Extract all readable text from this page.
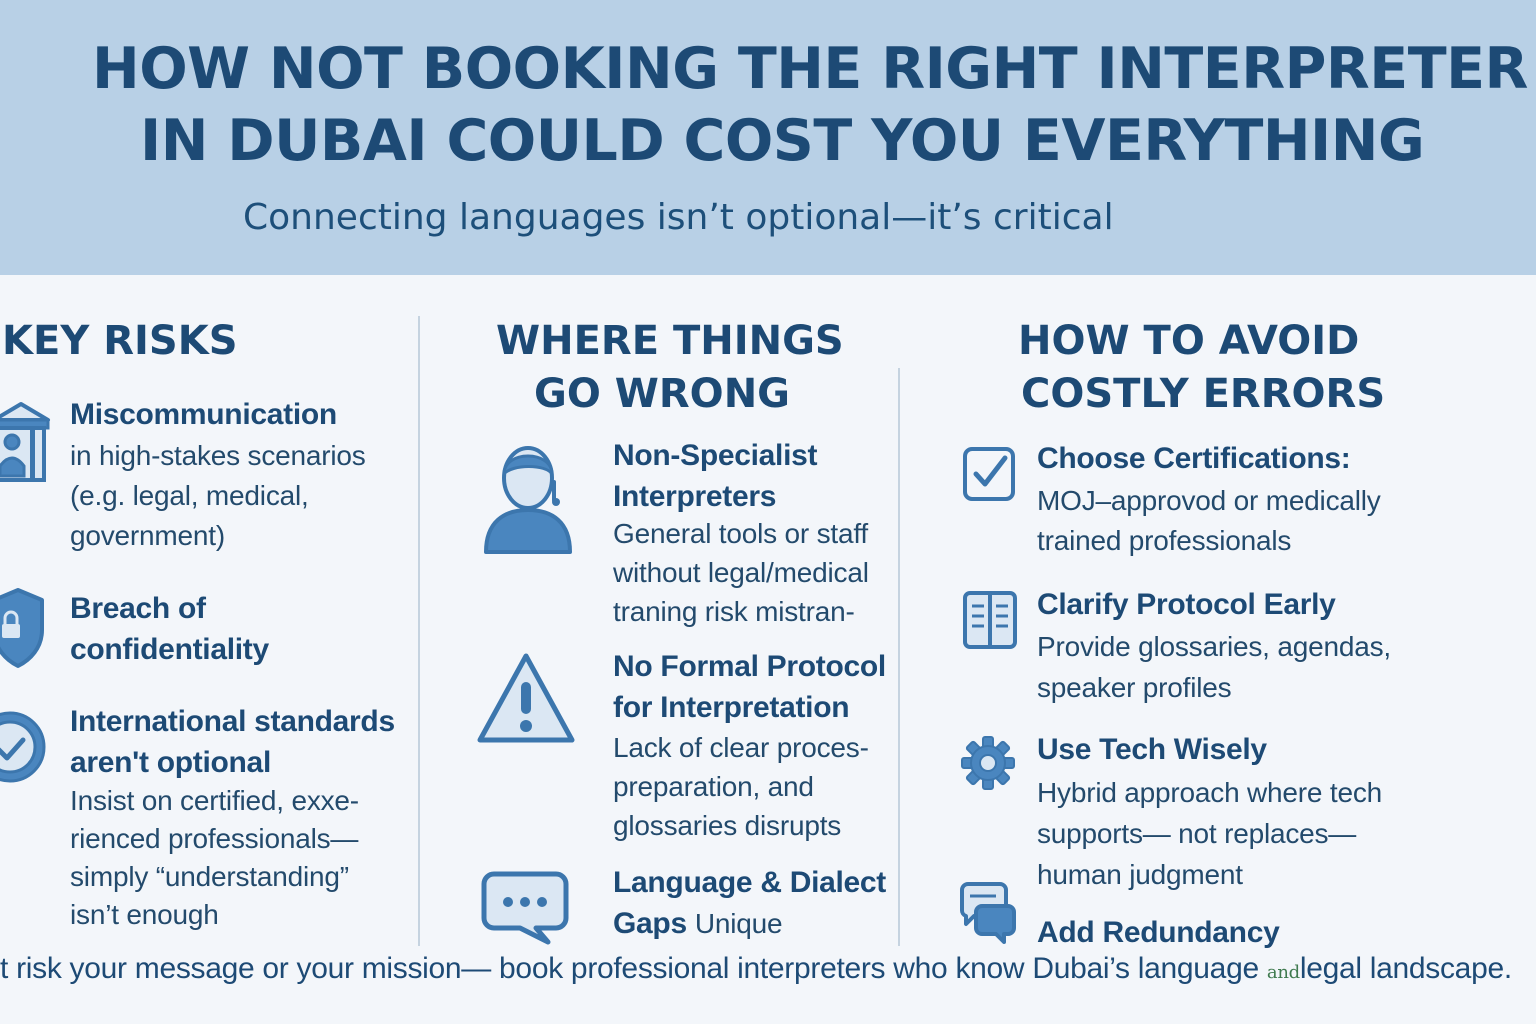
HOW NOT BOOKING THE RIGHT INTERPRETER
IN DUBAI COULD COST YOU EVERYTHING

Connecting languages isn’t optional—it’s critical

KEY RISKS
Miscommunication
in high-stakes scenarios (e.g. legal, medical, government)
Breach of confidentiality
International standards aren't optional
Insist on certified, exxe-rienced professionals—simply “understanding” isn’t enough
WHERE THINGS
GO WRONG
Non-Specialist Interpreters
General tools or staff without legal/medical traning risk mistran-
No Formal Protocol for Interpretation
Lack of clear proces-preparation, and glossaries disrupts
Language & Dialect Gaps Unique
HOW TO AVOID
COSTLY ERRORS
Choose Certifications:
MOJ–approvod or medically trained professionals
Clarify Protocol Early
Provide glossaries, agendas, speaker profiles
Use Tech Wisely
Hybrid approach where tech supports— not replaces— human judgment
Add Redundancy

t risk your message or your mission— book professional interpreters who know Dubai’s language andlegal landscape.
